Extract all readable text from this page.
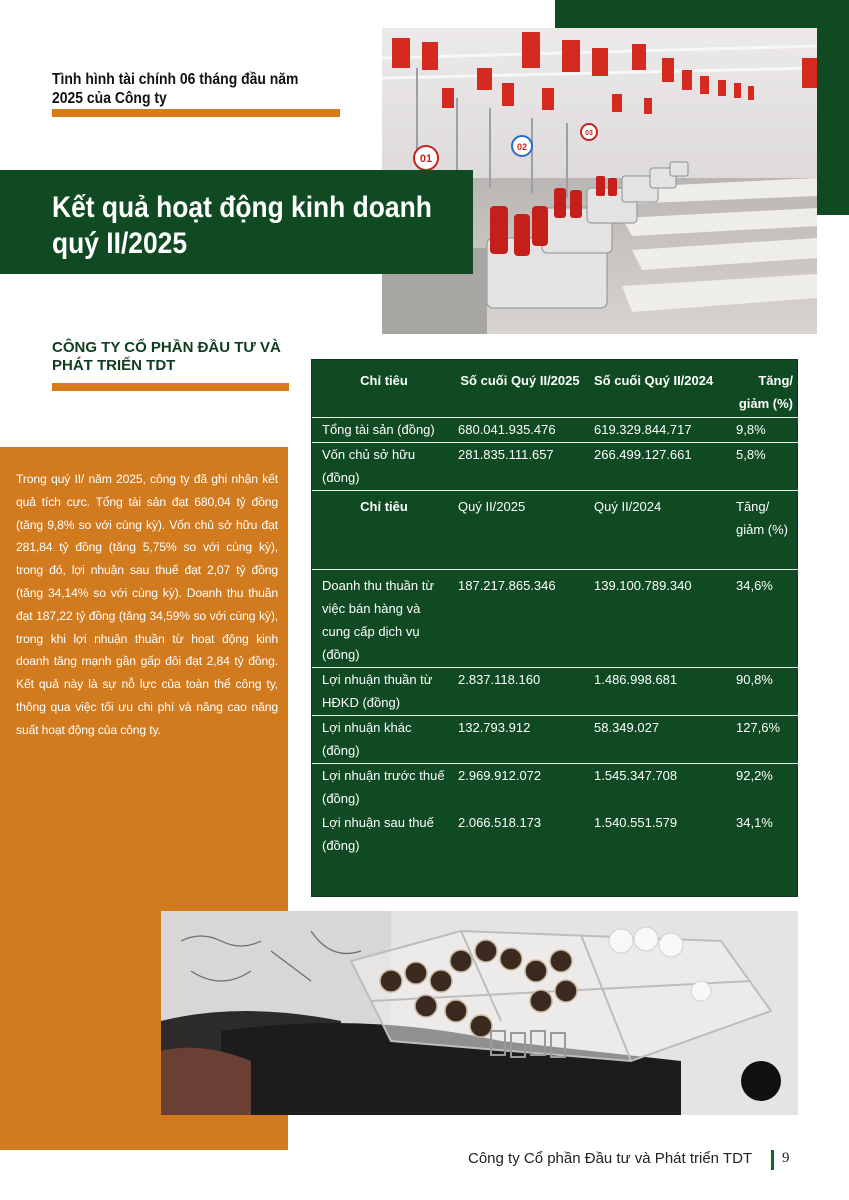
01
02
03
Tình hình tài chính 06 tháng đầu năm 2025 của Công ty
Kết quả hoạt động kinh doanh quý II/2025
CÔNG TY CỔ PHẦN ĐẦU TƯ VÀ PHÁT TRIỂN TDT

Trong quý II/ năm 2025, công ty đã ghi nhận kết quả tích cực. Tổng tài sản đạt 680,04 tỷ đồng (tăng 9,8% so với cùng kỳ). Vốn chủ sở hữu đạt 281,84 tỷ đồng (tăng 5,75% so với cùng kỳ), trong đó, lợi nhuận sau thuế đạt 2,07 tỷ đồng (tăng 34,14% so với cùng kỳ). Doanh thu thuần đạt 187,22 tỷ đồng (tăng 34,59% so với cùng kỳ), trong khi lợi nhuận thuần từ hoạt động kinh doanh tăng mạnh gần gấp đôi đạt 2,84 tỷ đồng. Kết quả này là sự nỗ lực của toàn thể công ty, thông qua việc tối ưu chi phí và nâng cao năng suất hoạt động của công ty.

Chỉ tiêu	Số cuối Quý II/2025	Số cuối Quý II/2024	Tăng/ giảm (%)
Tổng tài sản (đồng)	680.041.935.476	619.329.844.717	9,8%
Vốn chủ sở hữu (đồng)	281.835.111.657	266.499.127.661	5,8%
Chỉ tiêu	Quý II/2025	Quý II/2024	Tăng/ giảm (%)
Doanh thu thuần từ việc bán hàng và cung cấp dịch vụ (đồng)	187.217.865.346	139.100.789.340	34,6%
Lợi nhuận thuần từ HĐKD (đồng)	2.837.118.160	1.486.998.681	90,8%
Lợi nhuận khác (đồng)	132.793.912	58.349.027	127,6%
Lợi nhuận trước thuế (đồng)	2.969.912.072	1.545.347.708	92,2%
Lợi nhuận sau thuế (đồng)	2.066.518.173	1.540.551.579	34,1%
Công ty Cổ phần Đầu tư và Phát triển TDT 9
